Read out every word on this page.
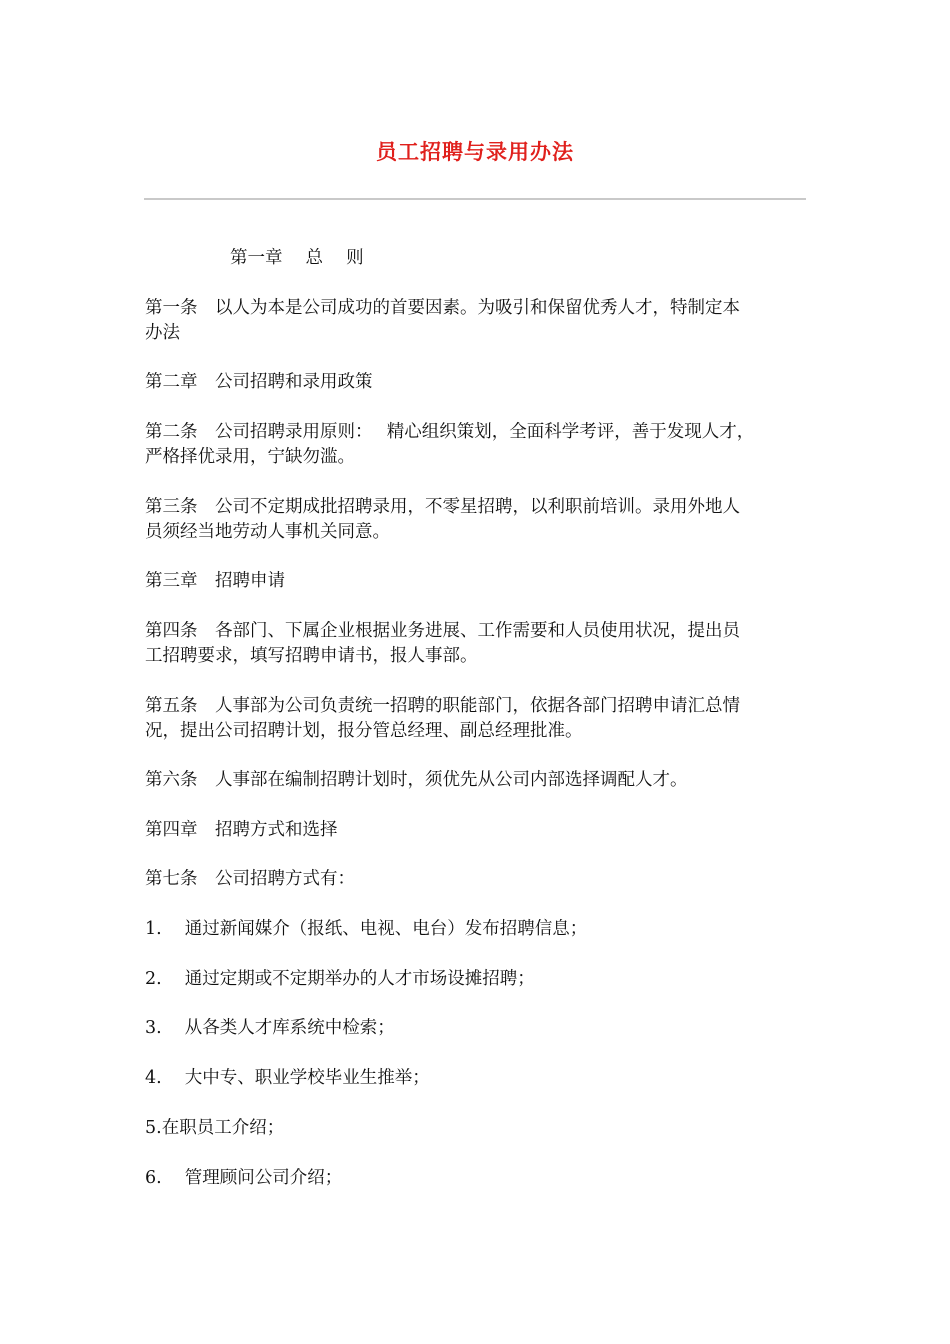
员工招聘与录用办法
第一章　 总　 则
第一条　以人为本是公司成功的首要因素。为吸引和保留优秀人才，特制定本
办法
第二章　公司招聘和录用政策
第二条　公司招聘录用原则：　 精心组织策划，全面科学考评，善于发现人才，
严格择优录用，宁缺勿滥。
第三条　公司不定期成批招聘录用，不零星招聘，以利职前培训。录用外地人
员须经当地劳动人事机关同意。
第三章　招聘申请
第四条　各部门、下属企业根据业务进展、工作需要和人员使用状况，提出员
工招聘要求，填写招聘申请书，报人事部。
第五条　人事部为公司负责统一招聘的职能部门，依据各部门招聘申请汇总情
况，提出公司招聘计划，报分管总经理、副总经理批准。
第六条　人事部在编制招聘计划时，须优先从公司内部选择调配人才。
第四章　招聘方式和选择
第七条　公司招聘方式有：
1.　 通过新闻媒介（报纸、电视、电台）发布招聘信息；
2.　 通过定期或不定期举办的人才市场设摊招聘；
3.　 从各类人才库系统中检索；
4.　 大中专、职业学校毕业生推举；
5.在职员工介绍；
6.　 管理顾问公司介绍；
